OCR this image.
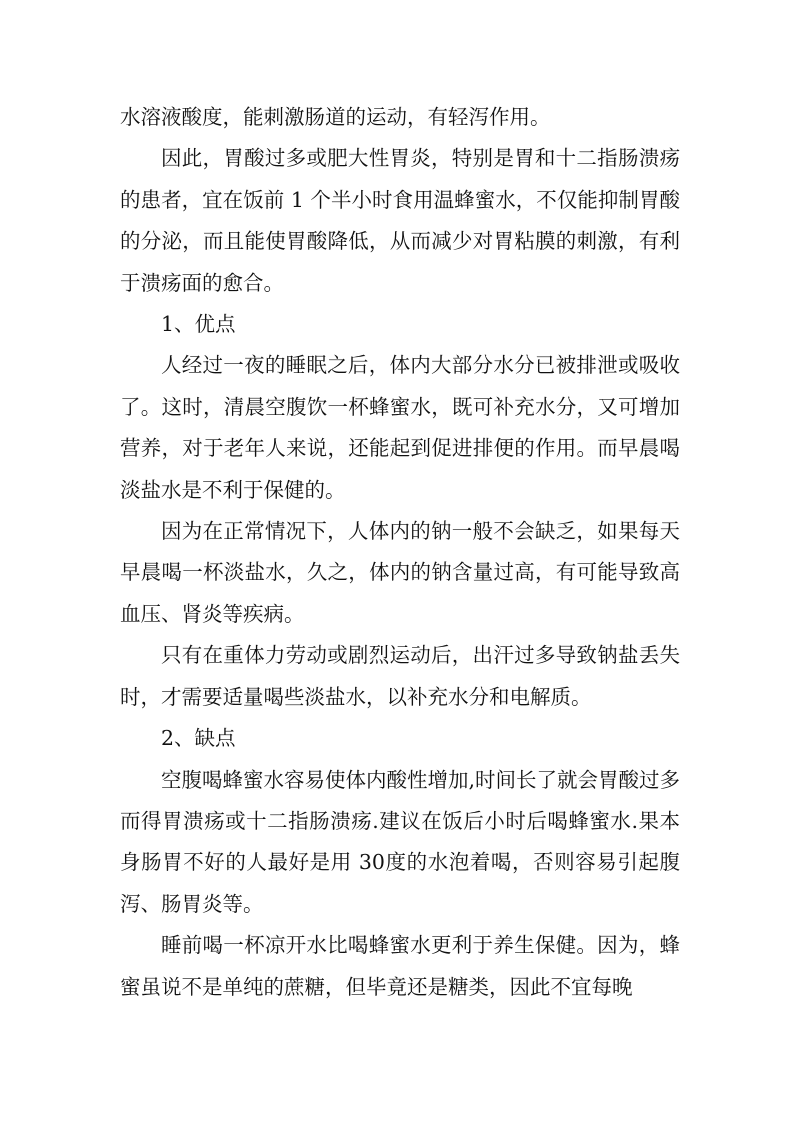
水溶液酸度，能刺激肠道的运动，有轻泻作用。

因此，胃酸过多或肥大性胃炎，特别是胃和十二指肠溃疡的患者，宜在饭前 1 个半小时食用温蜂蜜水，不仅能抑制胃酸的分泌，而且能使胃酸降低，从而减少对胃粘膜的刺激，有利于溃疡面的愈合。

1、优点

人经过一夜的睡眠之后，体内大部分水分已被排泄或吸收了。这时，清晨空腹饮一杯蜂蜜水，既可补充水分，又可增加营养，对于老年人来说，还能起到促进排便的作用。而早晨喝淡盐水是不利于保健的。

因为在正常情况下，人体内的钠一般不会缺乏，如果每天早晨喝一杯淡盐水，久之，体内的钠含量过高，有可能导致高血压、肾炎等疾病。

只有在重体力劳动或剧烈运动后，出汗过多导致钠盐丢失时，才需要适量喝些淡盐水，以补充水分和电解质。

2、缺点

空腹喝蜂蜜水容易使体内酸性增加,时间长了就会胃酸过多而得胃溃疡或十二指肠溃疡.建议在饭后小时后喝蜂蜜水.果本身肠胃不好的人最好是用 30度的水泡着喝，否则容易引起腹泻、肠胃炎等。

睡前喝一杯凉开水比喝蜂蜜水更利于养生保健。因为，蜂蜜虽说不是单纯的蔗糖，但毕竟还是糖类，因此不宜每晚
